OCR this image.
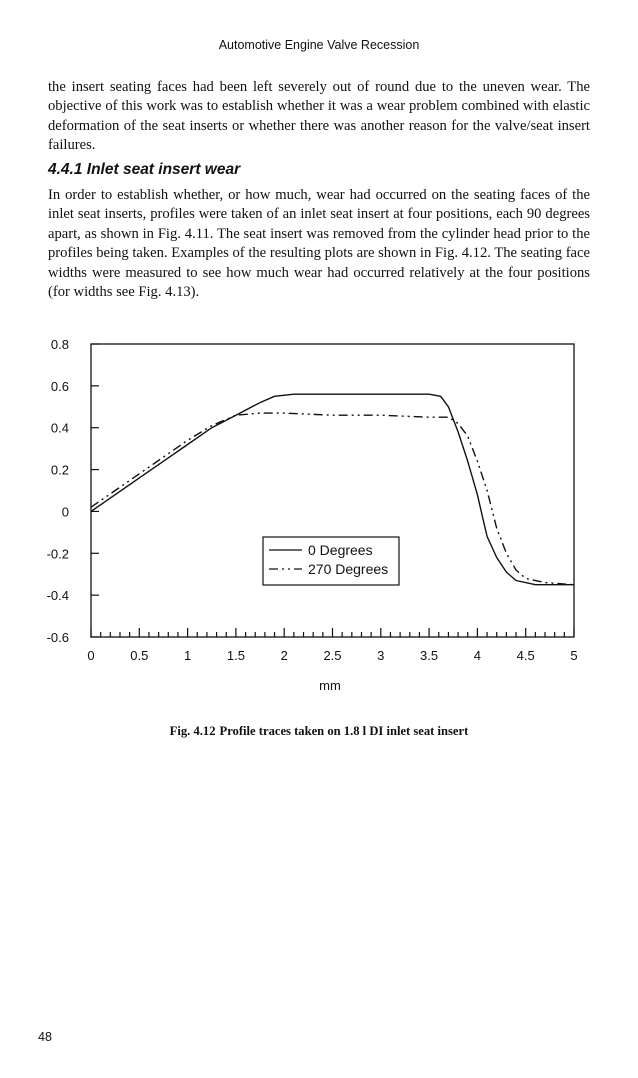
Automotive Engine Valve Recession

the insert seating faces had been left severely out of round due to the uneven wear. The objective of this work was to establish whether it was a wear problem combined with elastic deformation of the seat inserts or whether there was another reason for the valve/seat insert failures.

4.4.1 Inlet seat insert wear

In order to establish whether, or how much, wear had occurred on the seating faces of the inlet seat inserts, profiles were taken of an inlet seat insert at four positions, each 90 degrees apart, as shown in Fig. 4.11. The seat insert was removed from the cylinder head prior to the profiles being taken. Examples of the resulting plots are shown in Fig. 4.12. The seating face widths were measured to see how much wear had occurred relatively at the four positions (for widths see Fig. 4.13).

0.8
0.6
0.4
0.2
0
-0.2
-0.4
-0.6
0	0.5	1	1.5	2	2.5	3	3.5	4	4.5	5
0 Degrees
270 Degrees
mm
Fig. 4.12 Profile traces taken on 1.8 l DI inlet seat insert
48
